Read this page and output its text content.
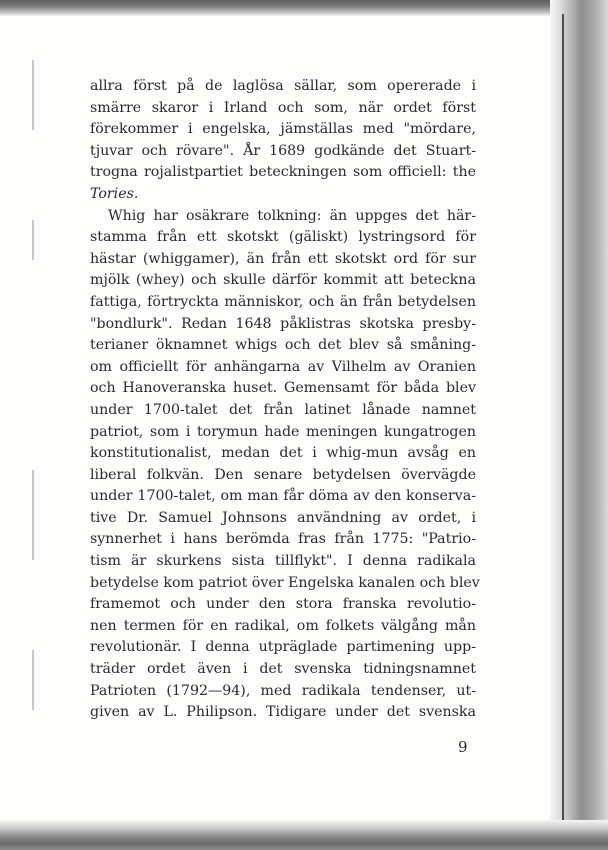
allra först på de laglösa sällar, som opererade i
smärre skaror i Irland och som, när ordet först
förekommer i engelska, jämställas med "mördare,
tjuvar och rövare". År 1689 godkände det Stuart-
trogna rojalistpartiet beteckningen som officiell: the
Tories.
Whig har osäkrare tolkning: än uppges det här-
stamma från ett skotskt (gäliskt) lystringsord för
hästar (whiggamer), än från ett skotskt ord för sur
mjölk (whey) och skulle därför kommit att beteckna
fattiga, förtryckta människor, och än från betydelsen
"bondlurk". Redan 1648 påklistras skotska presby-
terianer öknamnet whigs och det blev så småning-
om officiellt för anhängarna av Vilhelm av Oranien
och Hanoveranska huset. Gemensamt för båda blev
under 1700-talet det från latinet lånade namnet
patriot, som i torymun hade meningen kungatrogen
konstitutionalist, medan det i whig-mun avsåg en
liberal folkvän. Den senare betydelsen övervägde
under 1700-talet, om man får döma av den konserva-
tive Dr. Samuel Johnsons användning av ordet, i
synnerhet i hans berömda fras från 1775: "Patrio-
tism är skurkens sista tillflykt". I denna radikala
betydelse kom patriot över Engelska kanalen och blev
framemot och under den stora franska revolutio-
nen termen för en radikal, om folkets välgång mån
revolutionär. I denna utpräglade partimening upp-
träder ordet även i det svenska tidningsnamnet
Patrioten (1792—94), med radikala tendenser, ut-
given av L. Philipson. Tidigare under det svenska
9
